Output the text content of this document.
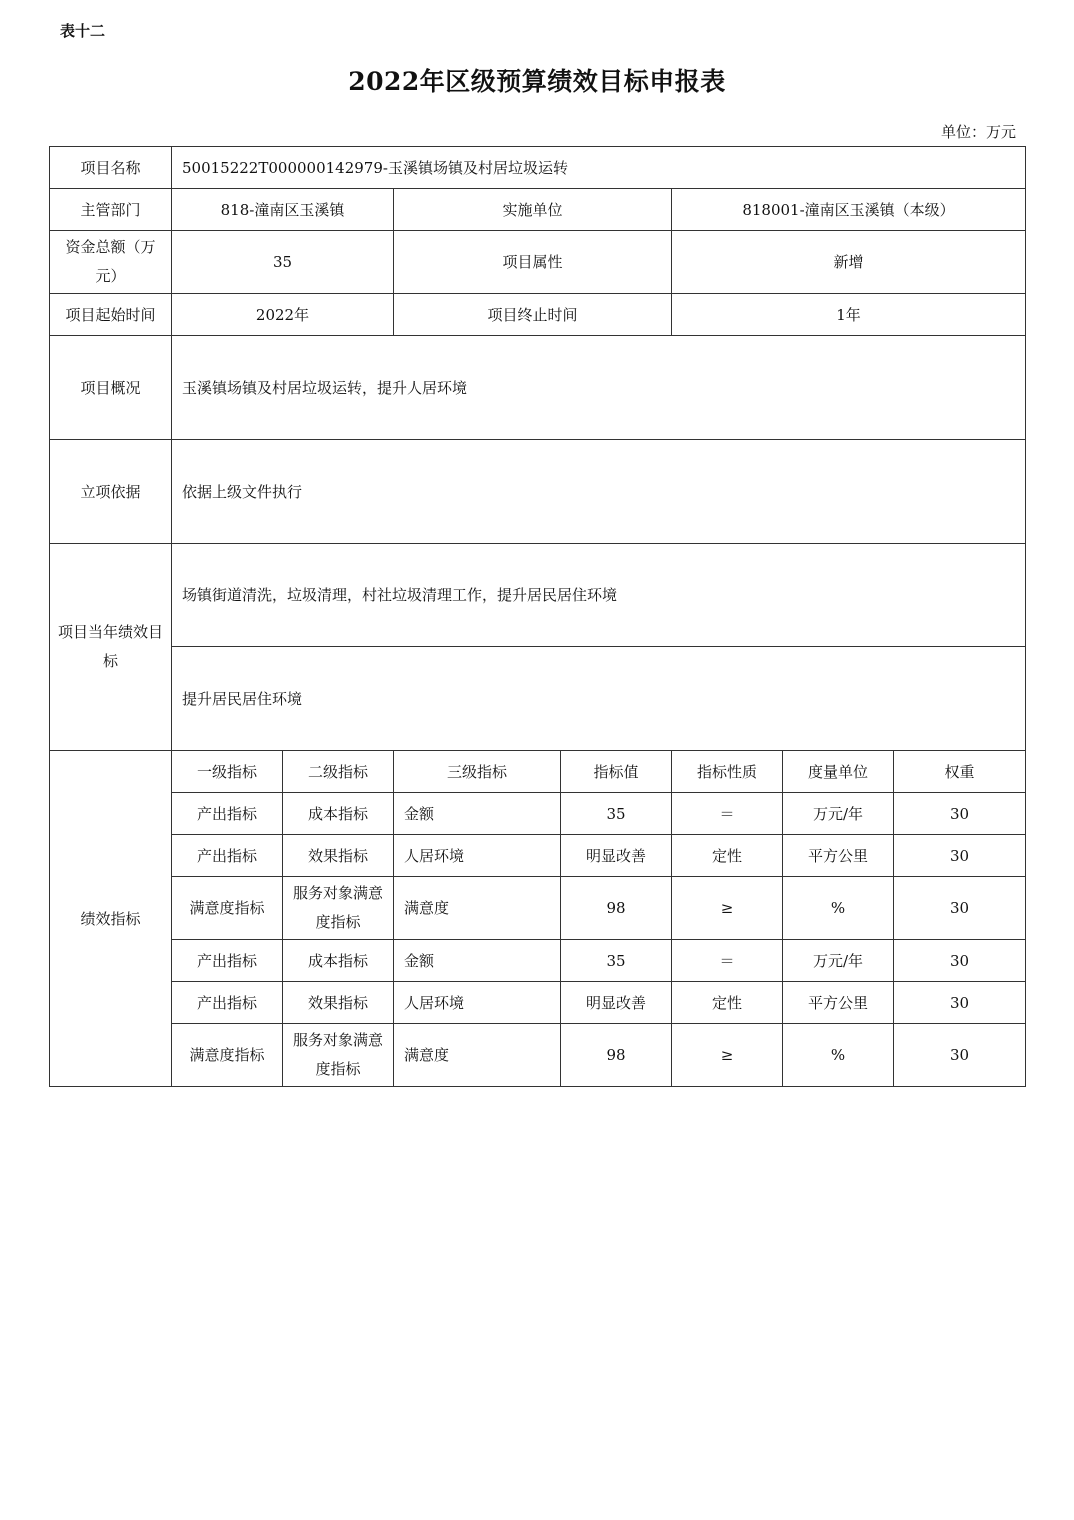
表十二
2022年区级预算绩效目标申报表
单位：万元
项目名称	50015222T000000142979-玉溪镇场镇及村居垃圾运转						
主管部门	818-潼南区玉溪镇		实施单位		818001-潼南区玉溪镇（本级）		
资金总额（万元）	35		项目属性		新增		
项目起始时间	2022年		项目终止时间		1年		
项目概况	玉溪镇场镇及村居垃圾运转，提升人居环境						
立项依据	依据上级文件执行						
项目当年绩效目标	场镇街道清洗，垃圾清理，村社垃圾清理工作，提升居民居住环境						
	提升居民居住环境						
绩效指标	一级指标	二级指标	三级指标	指标值	指标性质	度量单位	权重
	产出指标	成本指标	金额	35	＝	万元/年	30
	产出指标	效果指标	人居环境	明显改善	定性	平方公里	30
	满意度指标	服务对象满意度指标	满意度	98	≥	%	30
	产出指标	成本指标	金额	35	＝	万元/年	30
	产出指标	效果指标	人居环境	明显改善	定性	平方公里	30
	满意度指标	服务对象满意度指标	满意度	98	≥	%	30
